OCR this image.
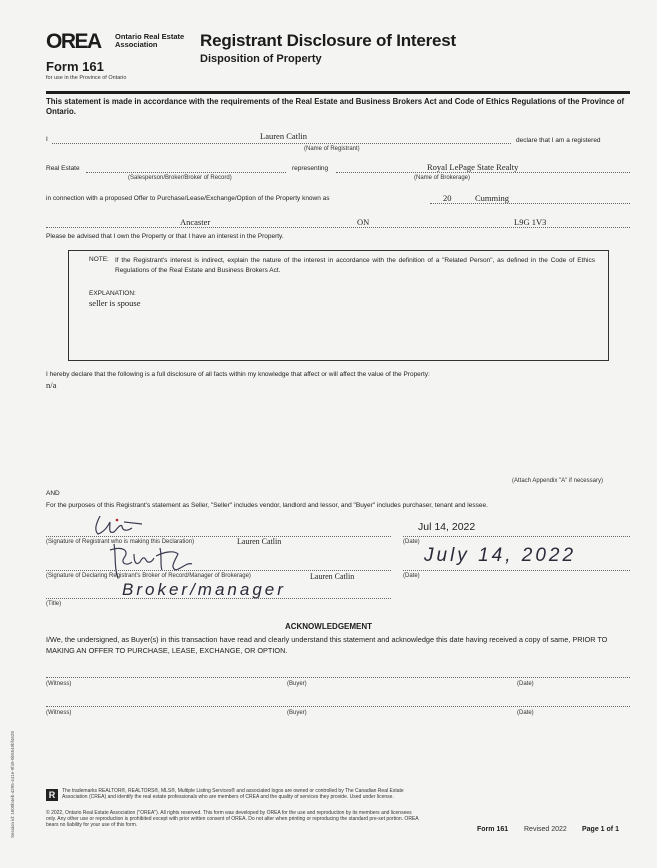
OREA	Ontario Real Estate
Association
Form 161
for use in the Province of Ontario
Registrant Disclosure of Interest
Disposition of Property
This statement is made in accordance with the requirements of the Real Estate and Business Brokers Act and Code of Ethics Regulations of the Province of Ontario.
I	Lauren Catlin
(Name of Registrant)
declare that I am a registered
Real Estate
(Salesperson/Broker/Broker of Record)
representing	Royal LePage State Realty
(Name of Brokerage)
in connection with a proposed Offer to Purchase/Lease/Exchange/Option of the Property known as	20	Cumming
Ancaster	ON	L9G 1V3
Please be advised that I own the Property or that I have an interest in the Property.
NOTE: If the Registrant's interest is indirect, explain the nature of the interest in accordance with the definition of a "Related Person", as defined in the Code of Ethics Regulations of the Real Estate and Business Brokers Act.
EXPLANATION:
seller is spouse
I hereby declare that the following is a full disclosure of all facts within my knowledge that affect or will affect the value of the Property:
n/a
(Attach Appendix "A" if necessary)
AND
For the purposes of this Registrant's statement as Seller, "Seller" includes vendor, landlord and lessor, and "Buyer" includes purchaser, tenant and lessee.
(Signature of Registrant who is making this Declaration)	Lauren Catlin
Jul 14, 2022
(Date)
(Signature of Declaring Registrant's Broker of Record/Manager of Brokerage)	Lauren Catlin
July 14, 2022
(Date)
Broker/manager
(Title)
ACKNOWLEDGEMENT
I/We, the undersigned, as Buyer(s) in this transaction have read and clearly understand this statement and acknowledge this date having received a copy of same, PRIOR TO MAKING AN OFFER TO PURCHASE, LEASE, EXCHANGE, OR OPTION.
(Witness)	(Buyer)	(Date)
(Witness)	(Buyer)	(Date)
R	The trademarks REALTOR®, REALTORS®, MLS®, Multiple Listing Services® and associated logos are owned or controlled by The Canadian Real Estate Association (CREA) and identify the real estate professionals who are members of CREA and the quality of services they provide. Used under license.
© 2022, Ontario Real Estate Association ("OREA"). All rights reserved. This form was developed by OREA for the use and reproduction by its members and licensees only. Any other use or reproduction is prohibited except with prior written consent of OREA. Do not alter when printing or reproducing the standard pre-set portion. OREA bears no liability for your use of this form.
Form 161 Revised 2022 Page 1 of 1
Session id: 1600b4eb-4295-441e-9f49-0b5549bf4628
